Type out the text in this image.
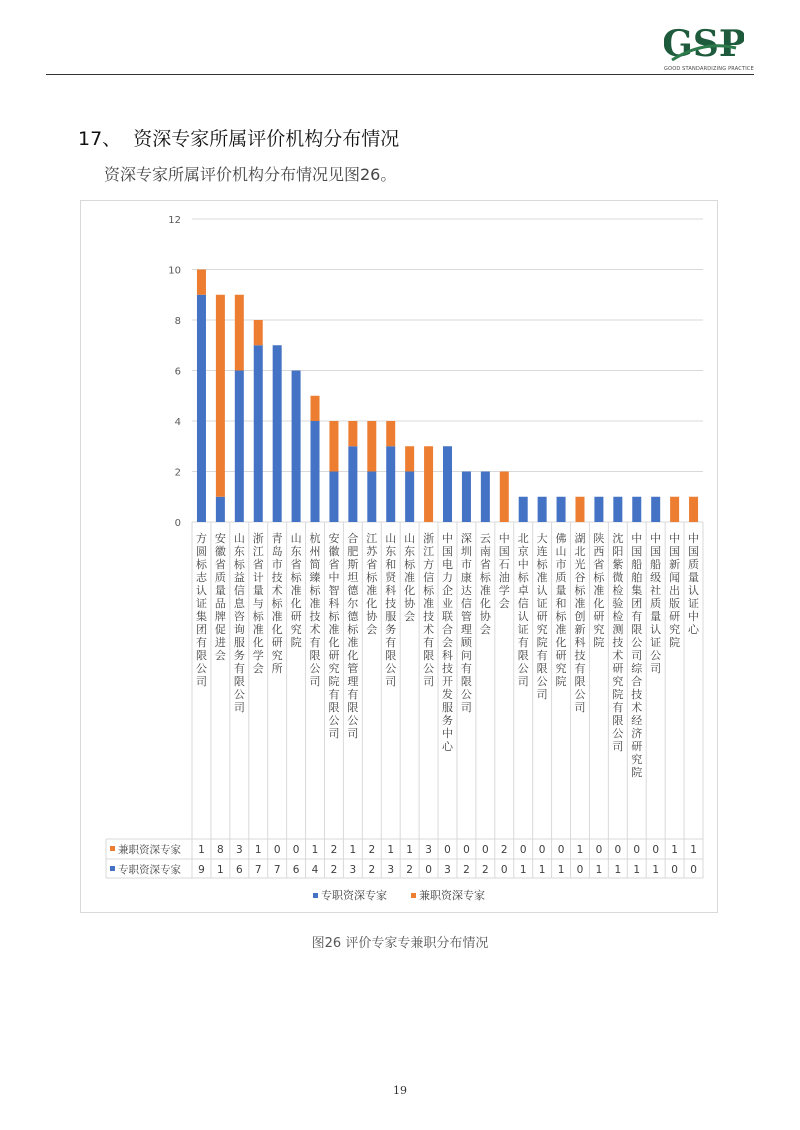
GSP
GOOD STANDARDIZING PRACTICE
17、 资深专家所属评价机构分布情况
资深专家所属评价机构分布情况见图26。
0
2
4
6
8
10
12
方圆标志认证集团有限公司
安徽省质量品牌促进会
山东标益信息咨询服务有限公司
浙江省计量与标准化学会
青岛市技术标准化研究所
山东省标准化研究院
杭州简臻标准技术有限公司
安徽省中智科标准化研究院有限公司
合肥斯坦德尔德标准化管理有限公司
江苏省标准化协会
山东和贤科技服务有限公司
山东标准化协会
浙江方信标准技术有限公司
中国电力企业联合会科技开发服务中心
深圳市康达信管理顾问有限公司
云南省标准化协会
中国石油学会
北京中标卓信认证有限公司
大连标准认证研究院有限公司
佛山市质量和标准化研究院
湖北光谷标准创新科技有限公司
陕西省标准化研究院
沈阳紫微检验检测技术研究院有限公司
中国船舶集团有限公司综合技术经济研究院
中国船级社质量认证公司
中国新闻出版研究院
中国质量认证中心
兼职资深专家 1 8 3 1 0 0 1 2 1 2 1 1 3 0 0 0 2 0 0 0 1 0 0 0 0 1 1
专职资深专家 9 1 6 7 7 6 4 2 3 2 3 2 0 3 2 2 0 1 1 1 0 1 1 1 1 0 0
专职资深专家	兼职资深专家
图26 评价专家专兼职分布情况
19
